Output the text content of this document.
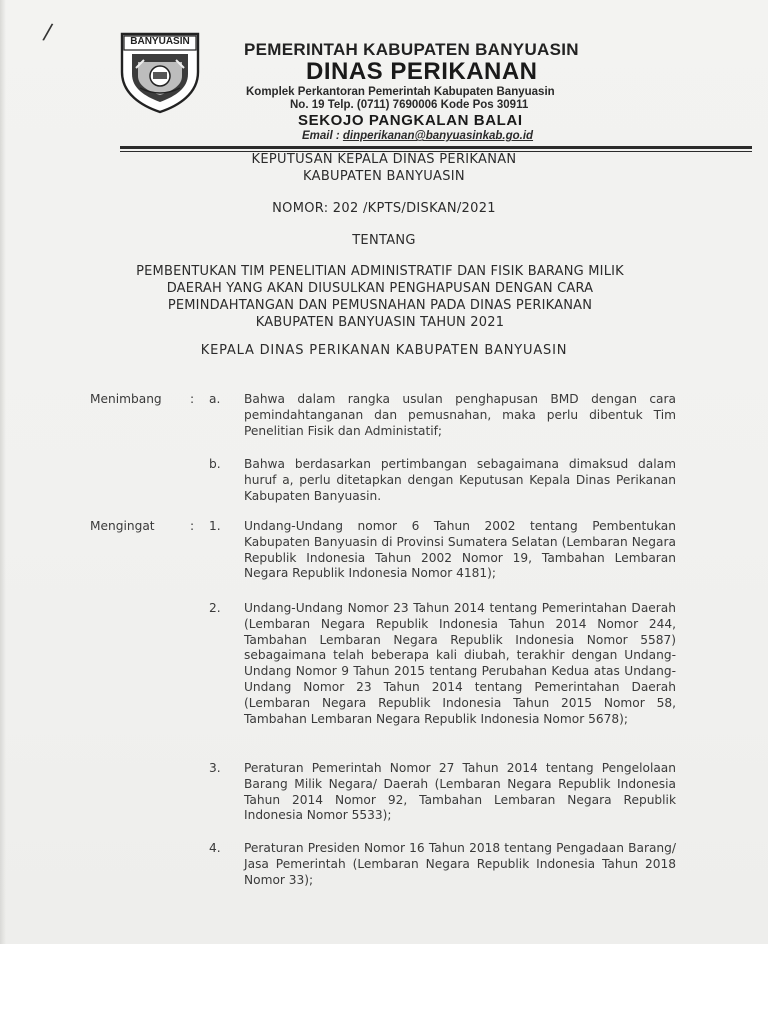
/	BANYUASIN	PEMERINTAH KABUPATEN BANYUASIN
DINAS PERIKANAN
Komplek Perkantoran Pemerintah Kabupaten Banyuasin
No. 19 Telp. (0711) 7690006 Kode Pos 30911
SEKOJO PANGKALAN BALAI
Email : dinperikanan@banyuasinkab.go.id
KEPUTUSAN KEPALA DINAS PERIKANAN
KABUPATEN BANYUASIN
NOMOR: 202 /KPTS/DISKAN/2021
TENTANG
PEMBENTUKAN TIM PENELITIAN ADMINISTRATIF DAN FISIK BARANG MILIK
DAERAH YANG AKAN DIUSULKAN PENGHAPUSAN DENGAN CARA
PEMINDAHTANGAN DAN PEMUSNAHAN PADA DINAS PERIKANAN
KABUPATEN BANYUASIN TAHUN 2021
KEPALA DINAS PERIKANAN KABUPATEN BANYUASIN
Menimbang : a. Bahwa dalam rangka usulan penghapusan BMD dengan cara pemindahtanganan dan pemusnahan, maka perlu dibentuk Tim Penelitian Fisik dan Administatif;
b. Bahwa berdasarkan pertimbangan sebagaimana dimaksud dalam huruf a, perlu ditetapkan dengan Keputusan Kepala Dinas Perikanan Kabupaten Banyuasin.
Mengingat	: 1. Undang-Undang nomor 6 Tahun 2002 tentang Pembentukan Kabupaten Banyuasin di Provinsi Sumatera Selatan (Lembaran Negara Republik Indonesia Tahun 2002 Nomor 19, Tambahan Lembaran Negara Republik Indonesia Nomor 4181);
2. Undang-Undang Nomor 23 Tahun 2014 tentang Pemerintahan Daerah (Lembaran Negara Republik Indonesia Tahun 2014 Nomor 244, Tambahan Lembaran Negara Republik Indonesia Nomor 5587) sebagaimana telah beberapa kali diubah, terakhir dengan Undang-Undang Nomor 9 Tahun 2015 tentang Perubahan Kedua atas Undang-Undang Nomor 23 Tahun 2014 tentang Pemerintahan Daerah (Lembaran Negara Republik Indonesia Tahun 2015 Nomor 58, Tambahan Lembaran Negara Republik Indonesia Nomor 5678);
3. Peraturan Pemerintah Nomor 27 Tahun 2014 tentang Pengelolaan Barang Milik Negara/ Daerah (Lembaran Negara Republik Indonesia Tahun 2014 Nomor 92, Tambahan Lembaran Negara Republik Indonesia Nomor 5533);
4. Peraturan Presiden Nomor 16 Tahun 2018 tentang Pengadaan Barang/ Jasa Pemerintah (Lembaran Negara Republik Indonesia Tahun 2018 Nomor 33);
